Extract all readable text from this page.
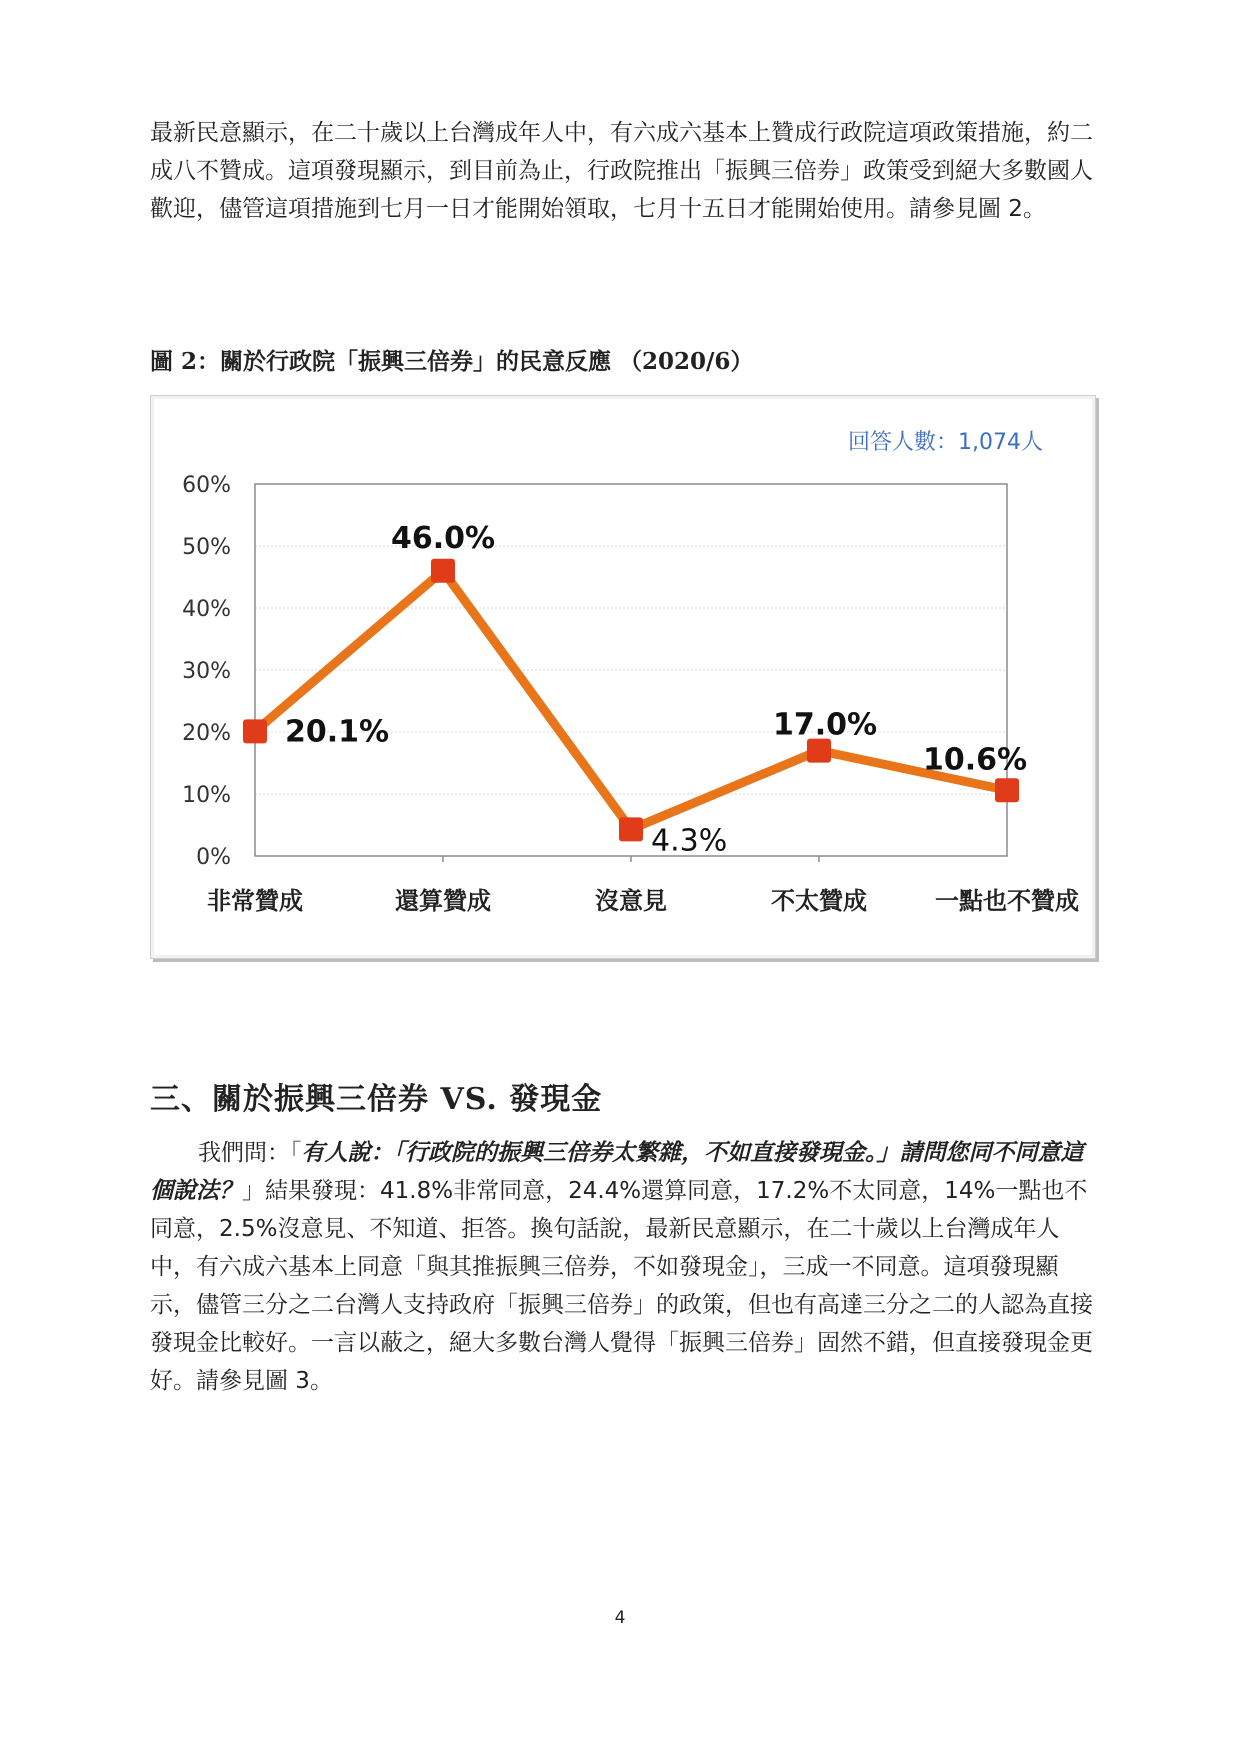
最新民意顯示，在二十歲以上台灣成年人中，有六成六基本上贊成行政院這項政策措施，約二成八不贊成。這項發現顯示，到目前為止，行政院推出「振興三倍券」政策受到絕大多數國人歡迎，儘管這項措施到七月一日才能開始領取，七月十五日才能開始使用。請參見圖 2。

圖 2：關於行政院「振興三倍券」的民意反應 （2020/6）
0%
10%
20%
30%
40%
50%
60%
非常贊成	還算贊成	沒意見	不太贊成	一點也不贊成
20.1%
46.0%
4.3%
17.0%
10.6%
回答人數：1,074人
三、關於振興三倍券 VS. 發現金

我們問：「有人說：「行政院的振興三倍券太繁雜，不如直接發現金。」請問您同不同意這個說法？」結果發現：41.8%非常同意，24.4%還算同意，17.2%不太同意，14%一點也不同意，2.5%沒意見、不知道、拒答。換句話說，最新民意顯示，在二十歲以上台灣成年人中，有六成六基本上同意「與其推振興三倍券，不如發現金」，三成一不同意。這項發現顯示，儘管三分之二台灣人支持政府「振興三倍券」的政策，但也有高達三分之二的人認為直接發現金比較好。一言以蔽之，絕大多數台灣人覺得「振興三倍券」固然不錯，但直接發現金更好。請參見圖 3。

4
